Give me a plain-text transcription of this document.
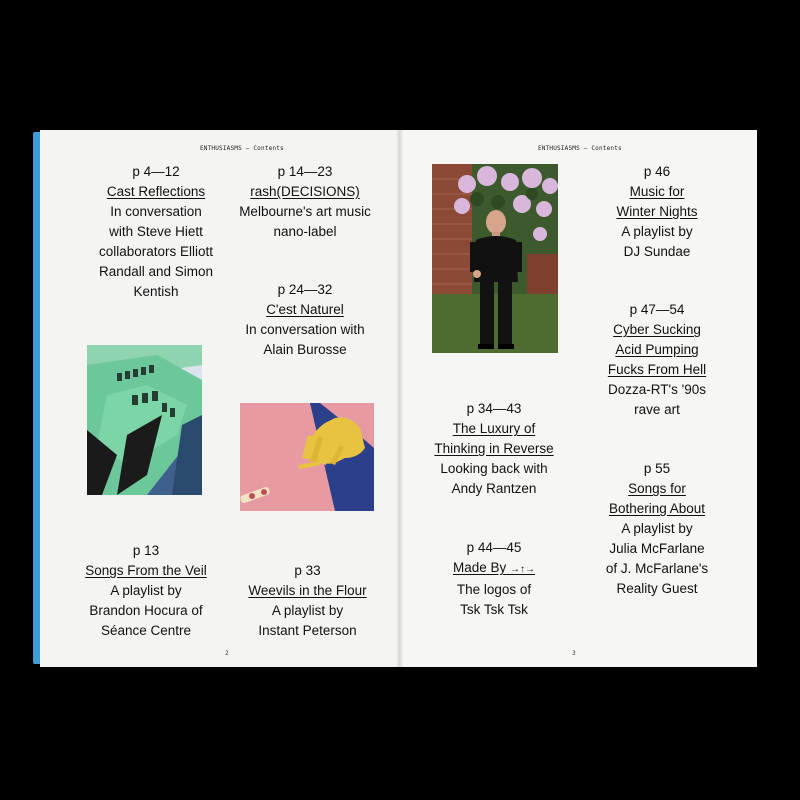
ENTHUSIASMS — Contents	ENTHUSIASMS — Contents
p 4—12
Cast Reflections
In conversation
with Steve Hiett
collaborators Elliott
Randall and Simon
Kentish
p 14—23
rash(DECISIONS)
Melbourne's art music
nano-label
p 24—32
C'est Naturel
In conversation with
Alain Burosse
p 13
Songs From the Veil
A playlist by
Brandon Hocura of
Séance Centre
p 33
Weevils in the Flour
A playlist by
Instant Peterson
2
p 46
Music for
Winter Nights
A playlist by
DJ Sundae
p 47—54
Cyber Sucking
Acid Pumping
Fucks From Hell
Dozza-RT's '90s
rave art
p 34—43
The Luxury of
Thinking in Reverse
Looking back with
Andy Rantzen
p 55
Songs for
Bothering About
A playlist by
Julia McFarlane
of J. McFarlane's
Reality Guest
p 44—45
Made By →↑→
The logos of
Tsk Tsk Tsk
3
